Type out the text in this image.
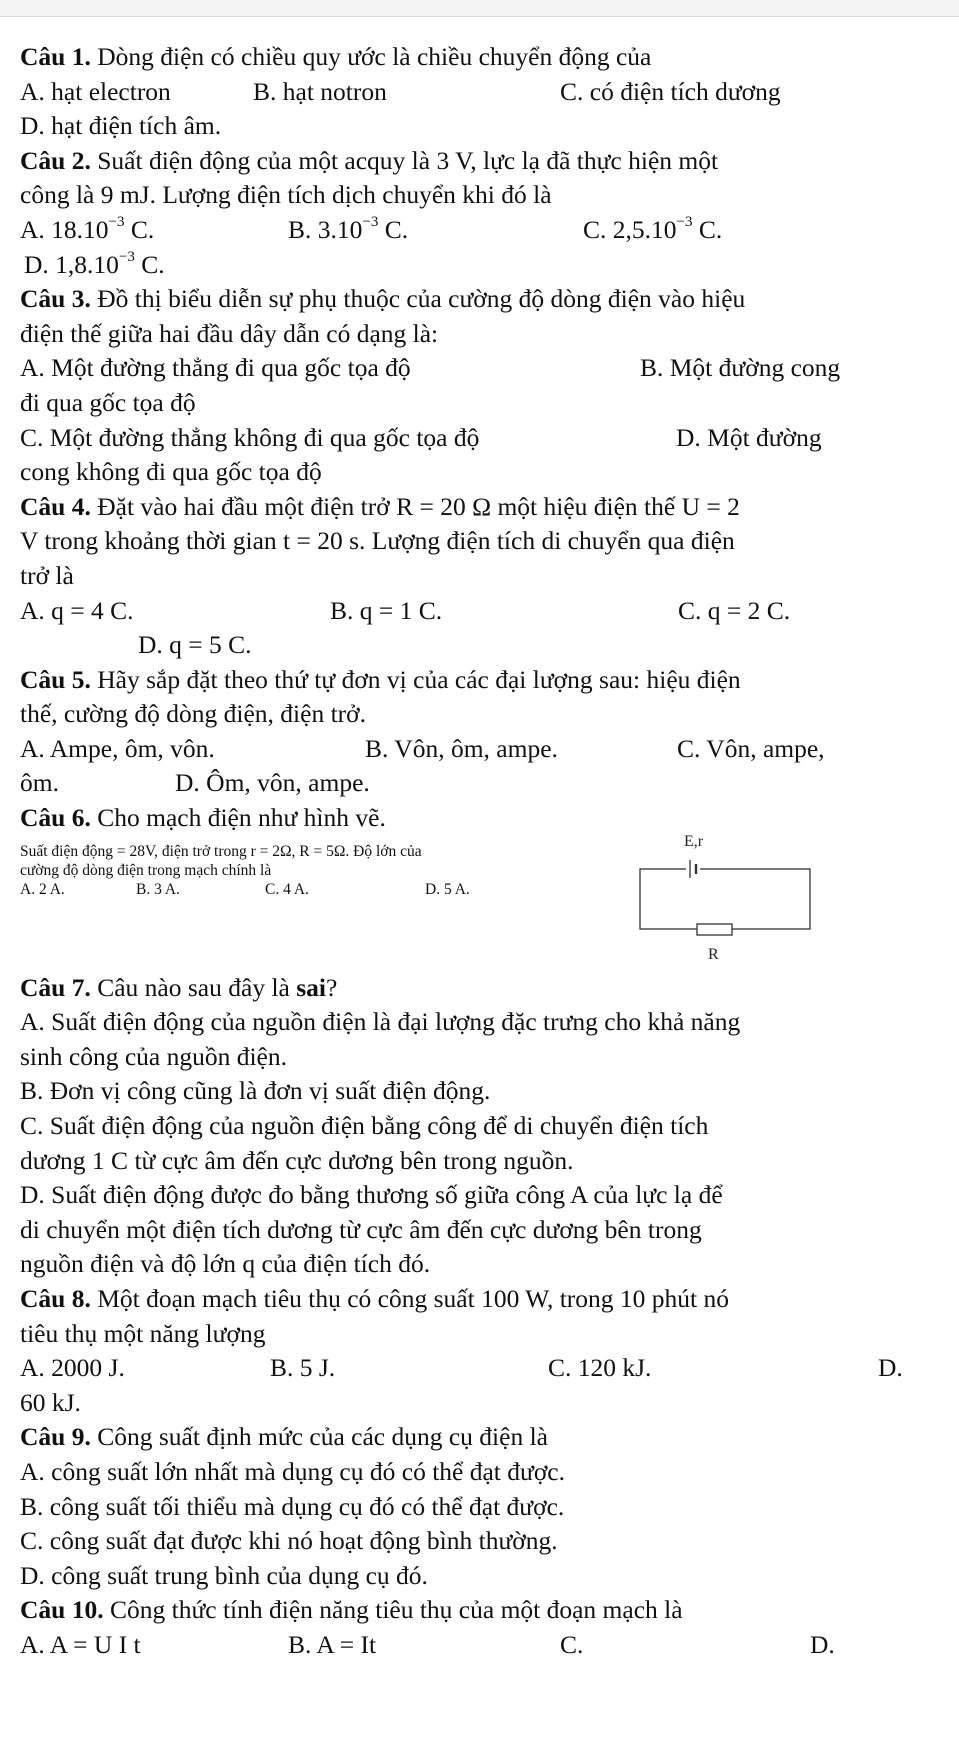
Câu 1. Dòng điện có chiều quy ước là chiều chuyển động của
A. hạt electron	B. hạt notron	C. có điện tích dương
D. hạt điện tích âm.
Câu 2. Suất điện động của một acquy là 3 V, lực lạ đã thực hiện một
công là 9 mJ. Lượng điện tích dịch chuyển khi đó là
A. $18.10^{-3}$ C.	B. $3.10^{-3}$ C.	C. $2,5.10^{-3}$ C.
D. $1,8.10^{-3}$ C.
Câu 3. Đồ thị biểu diễn sự phụ thuộc của cường độ dòng điện vào hiệu
điện thế giữa hai đầu dây dẫn có dạng là:
A. Một đường thẳng đi qua gốc tọa độ	B. Một đường cong
đi qua gốc tọa độ
C. Một đường thẳng không đi qua gốc tọa độ	D. Một đường
cong không đi qua gốc tọa độ
Câu 4. Đặt vào hai đầu một điện trở R = 20 Ω một hiệu điện thế U = 2
V trong khoảng thời gian t = 20 s. Lượng điện tích di chuyển qua điện
trở là
A. q = 4 C.	B. q = 1 C.	C. q = 2 C.
D. q = 5 C.
Câu 5. Hãy sắp đặt theo thứ tự đơn vị của các đại lượng sau: hiệu điện
thế, cường độ dòng điện, điện trở.
A. Ampe, ôm, vôn.	B. Vôn, ôm, ampe.	C. Vôn, ampe,
ôm.	D. Ôm, vôn, ampe.
Câu 6. Cho mạch điện như hình vẽ.
Suất điện động = 28V, điện trở trong r = 2Ω, R = 5Ω. Độ lớn của
cường độ dòng điện trong mạch chính là
A. 2 A.	B. 3 A.	C. 4 A.	D. 5 A.
E,r
R
Câu 7. Câu nào sau đây là sai?
A. Suất điện động của nguồn điện là đại lượng đặc trưng cho khả năng
sinh công của nguồn điện.
B. Đơn vị công cũng là đơn vị suất điện động.
C. Suất điện động của nguồn điện bằng công để di chuyển điện tích
dương 1 C từ cực âm đến cực dương bên trong nguồn.
D. Suất điện động được đo bằng thương số giữa công A của lực lạ để
di chuyển một điện tích dương từ cực âm đến cực dương bên trong
nguồn điện và độ lớn q của điện tích đó.
Câu 8. Một đoạn mạch tiêu thụ có công suất 100 W, trong 10 phút nó
tiêu thụ một năng lượng
A. 2000 J.	B. 5 J.	C. 120 kJ.	D.
60 kJ.
Câu 9. Công suất định mức của các dụng cụ điện là
A. công suất lớn nhất mà dụng cụ đó có thể đạt được.
B. công suất tối thiểu mà dụng cụ đó có thể đạt được.
C. công suất đạt được khi nó hoạt động bình thường.
D. công suất trung bình của dụng cụ đó.
Câu 10. Công thức tính điện năng tiêu thụ của một đoạn mạch là
A. A = U I t	B. A = It	C.	D.
